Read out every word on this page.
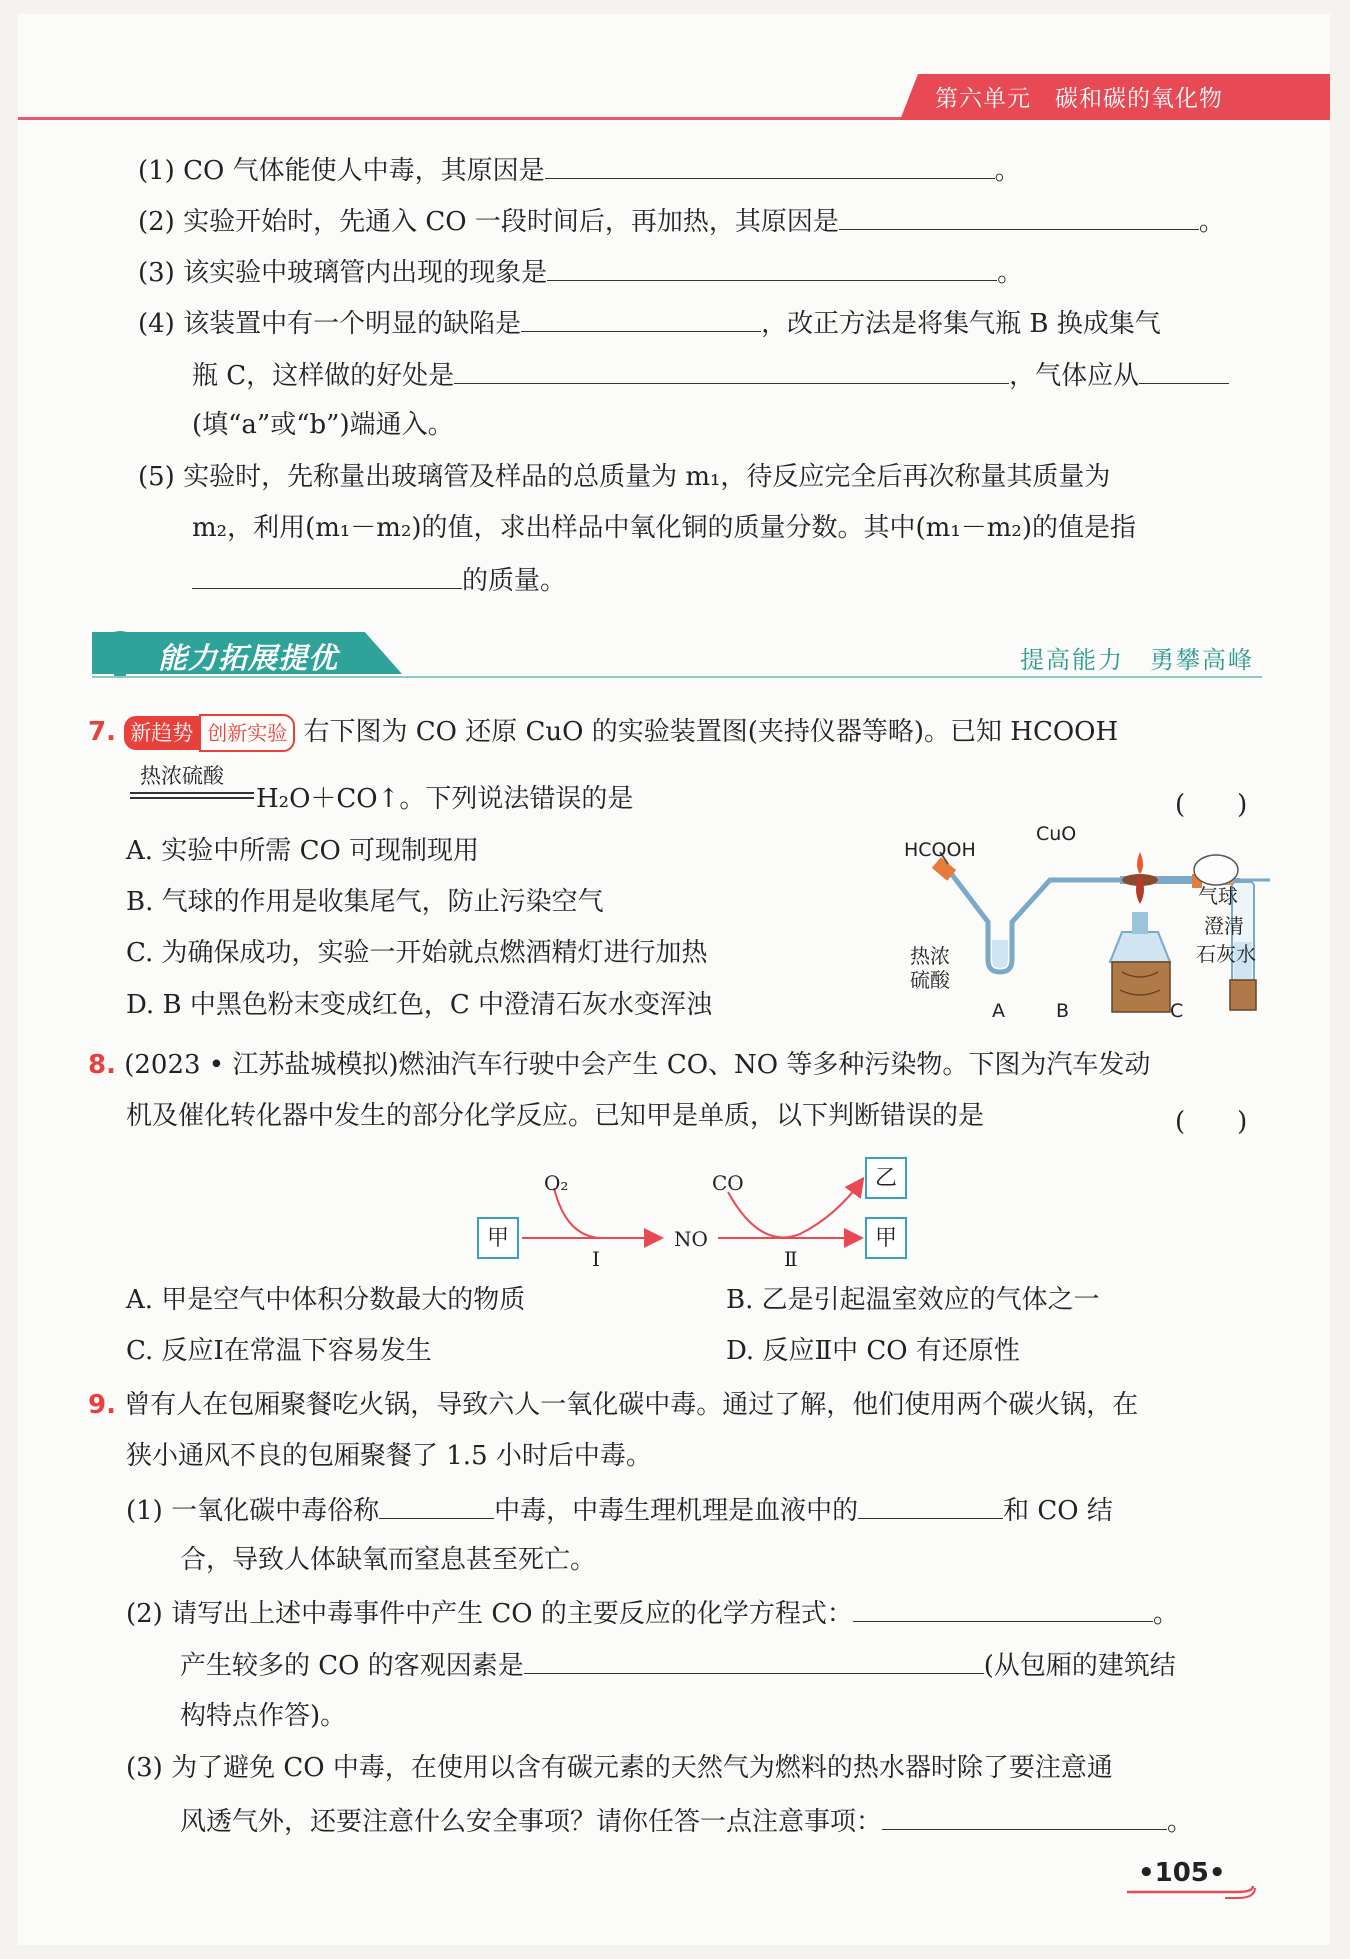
第六单元　碳和碳的氧化物
(1) CO 气体能使人中毒，其原因是	。
(2) 实验开始时，先通入 CO 一段时间后，再加热，其原因是	。
(3) 该实验中玻璃管内出现的现象是	。
(4) 该装置中有一个明显的缺陷是	，改正方法是将集气瓶 B 换成集气
瓶 C，这样做的好处是	，气体应从
(填“a”或“b”)端通入。
(5) 实验时，先称量出玻璃管及样品的总质量为 m₁，待反应完全后再次称量其质量为
m₂，利用(m₁－m₂)的值，求出样品中氧化铜的质量分数。其中(m₁－m₂)的值是指
的质量。
能力拓展提优	提高能力　勇攀高峰
7. 新趋势 创新实验 右下图为 CO 还原 CuO 的实验装置图(夹持仪器等略)。已知 HCOOH
热浓硫酸
H₂O＋CO↑。下列说法错误的是	(　　)
A. 实验中所需 CO 可现制现用
B. 气球的作用是收集尾气，防止污染空气
C. 为确保成功，实验一开始就点燃酒精灯进行加热
D. B 中黑色粉末变成红色，C 中澄清石灰水变浑浊
HCOOH
CuO
热浓
硫酸
气球
澄清
石灰水
A	B	C
8. (2023 • 江苏盐城模拟)燃油汽车行驶中会产生 CO、NO 等多种污染物。下图为汽车发动
机及催化转化器中发生的部分化学反应。已知甲是单质，以下判断错误的是	(　　)
甲
乙
甲
O₂	CO
NO
Ⅰ	Ⅱ
A. 甲是空气中体积分数最大的物质	B. 乙是引起温室效应的气体之一
C. 反应Ⅰ在常温下容易发生	D. 反应Ⅱ中 CO 有还原性
9. 曾有人在包厢聚餐吃火锅，导致六人一氧化碳中毒。通过了解，他们使用两个碳火锅，在
狭小通风不良的包厢聚餐了 1.5 小时后中毒。
(1) 一氧化碳中毒俗称	中毒，中毒生理机理是血液中的	和 CO 结
合，导致人体缺氧而窒息甚至死亡。
(2) 请写出上述中毒事件中产生 CO 的主要反应的化学方程式：	。
产生较多的 CO 的客观因素是	(从包厢的建筑结
构特点作答)。
(3) 为了避免 CO 中毒，在使用以含有碳元素的天然气为燃料的热水器时除了要注意通
风透气外，还要注意什么安全事项？请你任答一点注意事项：	。
•105•
